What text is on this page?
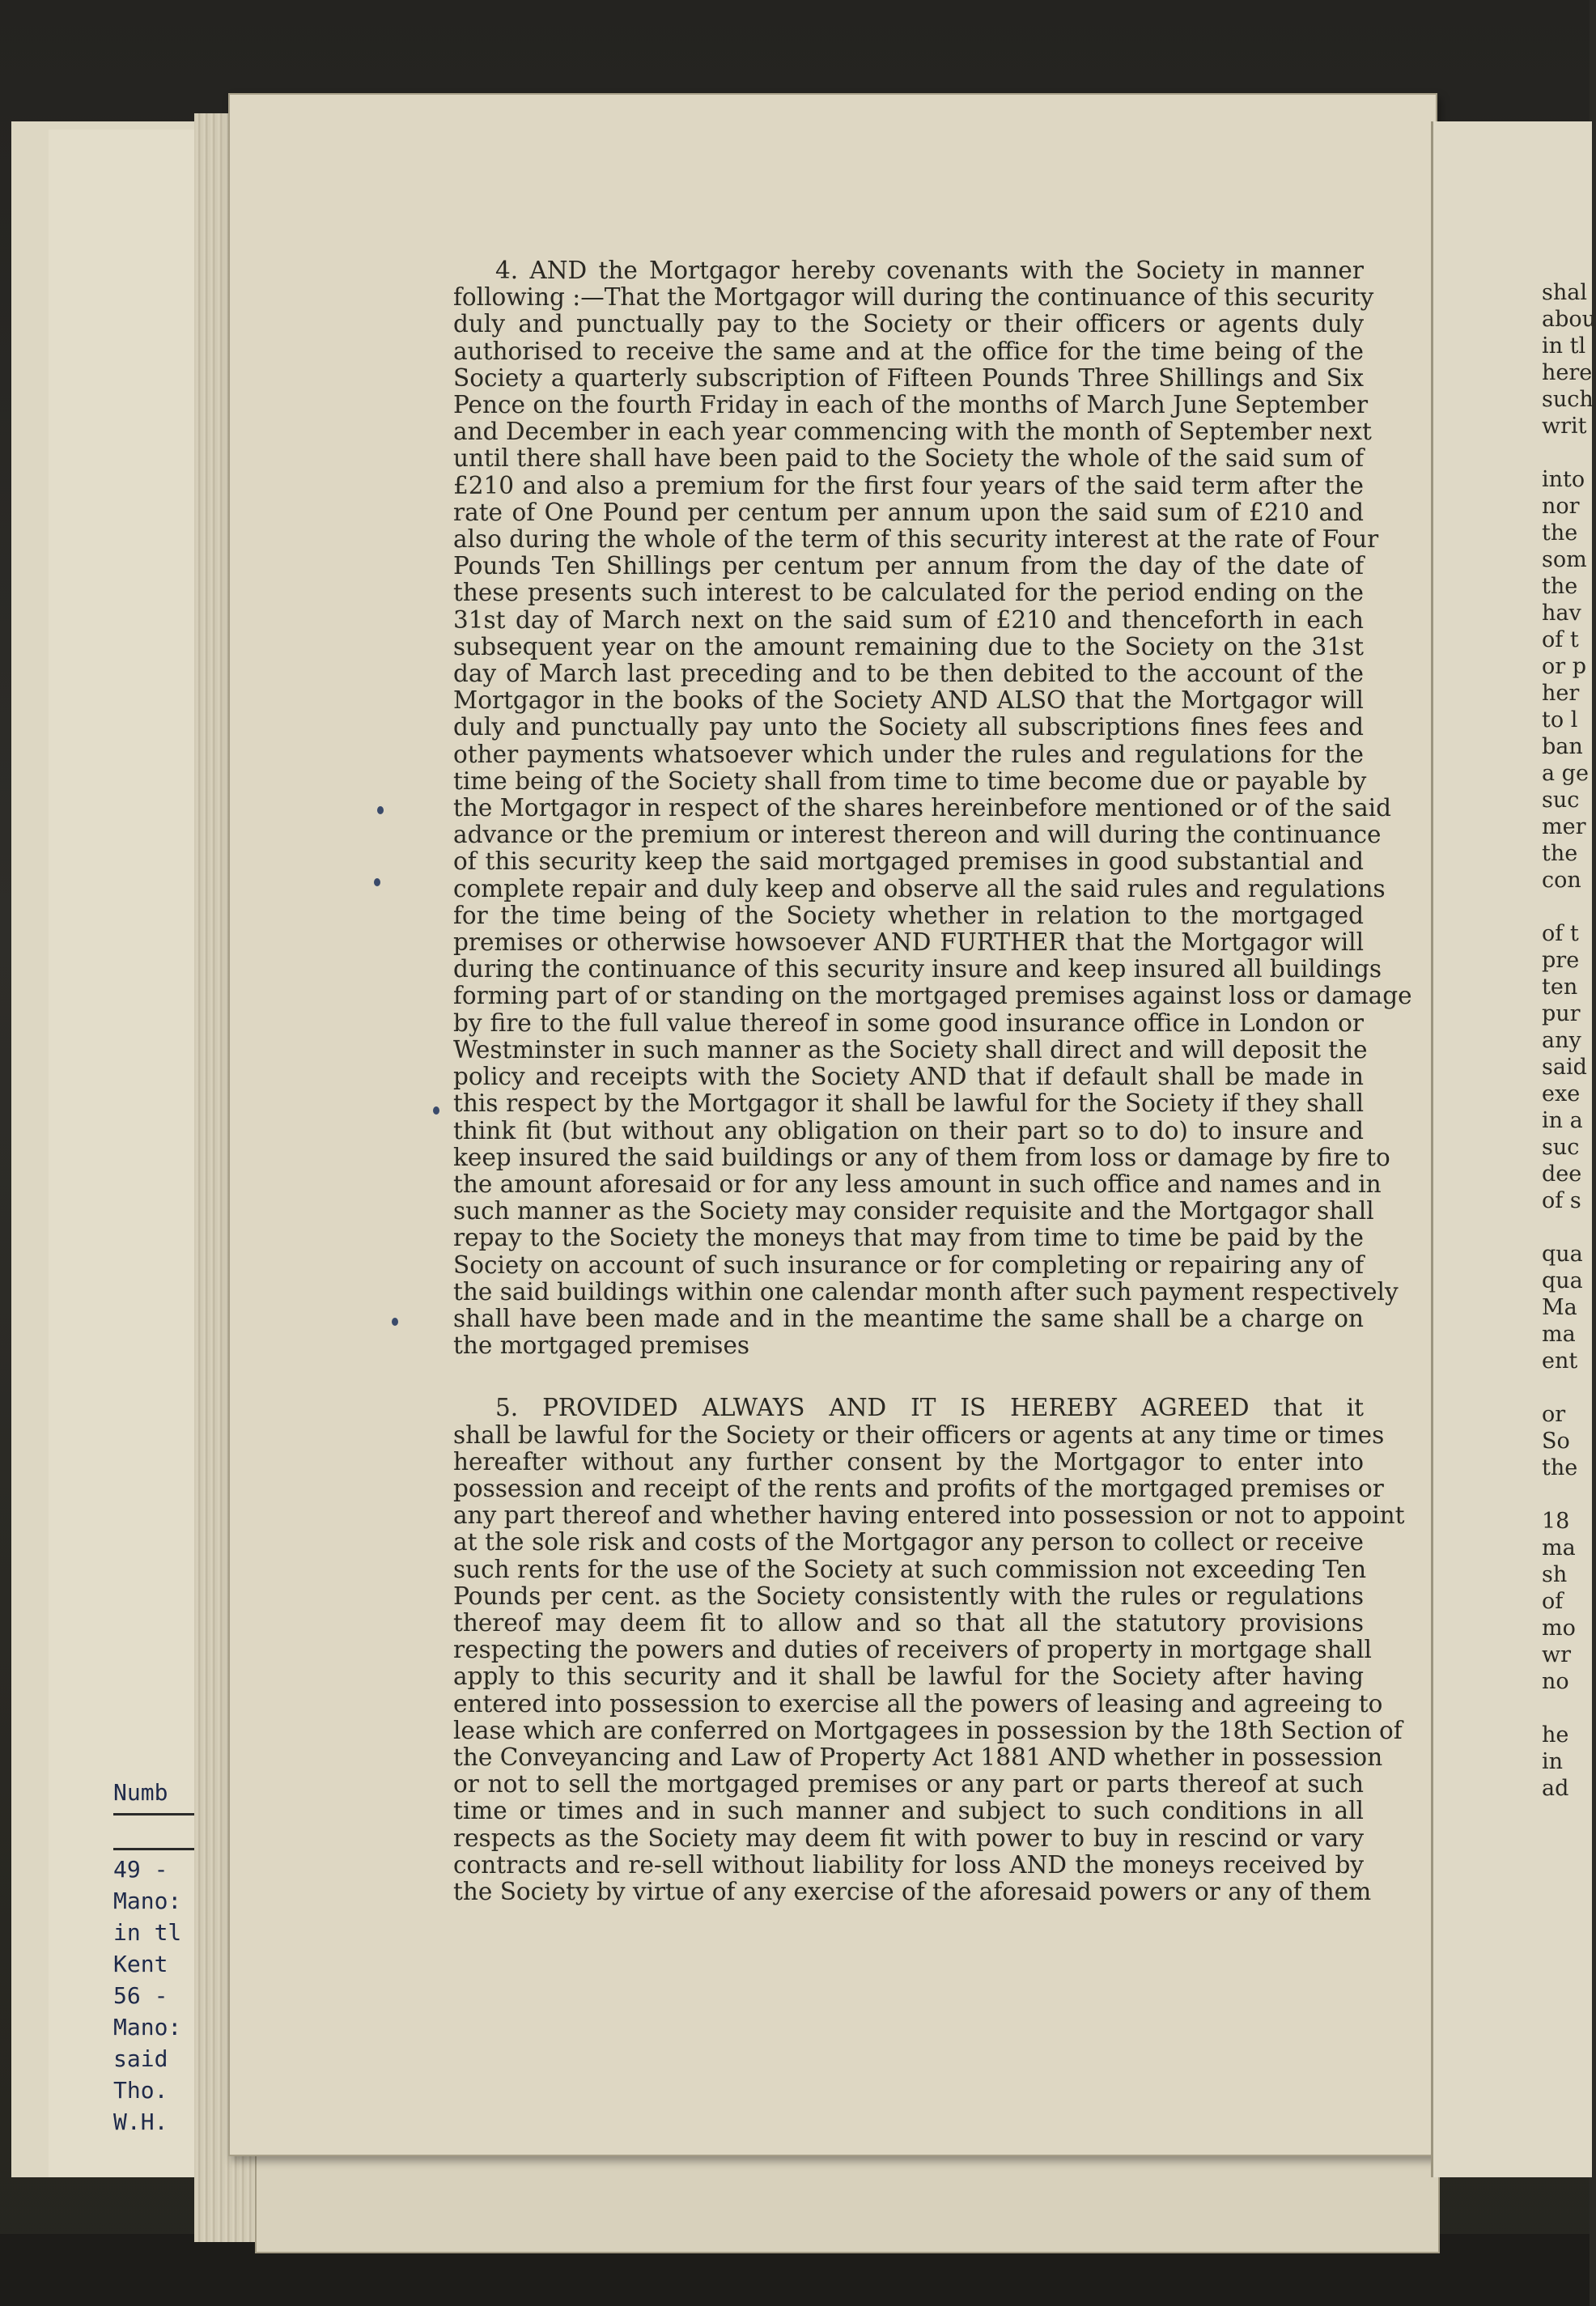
Numb
49 -
Mano:
in tl
Kent
56 -
Mano:
said
Tho.
W.H.
4. AND the Mortgagor hereby covenants with the Society in manner
following :—That the Mortgagor will during the continuance of this security
duly and punctually pay to the Society or their officers or agents duly
authorised to receive the same and at the office for the time being of the
Society a quarterly subscription of Fifteen Pounds Three Shillings and Six
Pence on the fourth Friday in each of the months of March June September
and December in each year commencing with the month of September next
until there shall have been paid to the Society the whole of the said sum of
£210 and also a premium for the first four years of the said term after the
rate of One Pound per centum per annum upon the said sum of £210 and
also during the whole of the term of this security interest at the rate of Four
Pounds Ten Shillings per centum per annum from the day of the date of
these presents such interest to be calculated for the period ending on the
31st day of March next on the said sum of £210 and thenceforth in each
subsequent year on the amount remaining due to the Society on the 31st
day of March last preceding and to be then debited to the account of the
Mortgagor in the books of the Society AND ALSO that the Mortgagor will
duly and punctually pay unto the Society all subscriptions fines fees and
other payments whatsoever which under the rules and regulations for the
time being of the Society shall from time to time become due or payable by
the Mortgagor in respect of the shares hereinbefore mentioned or of the said
advance or the premium or interest thereon and will during the continuance
of this security keep the said mortgaged premises in good substantial and
complete repair and duly keep and observe all the said rules and regulations
for the time being of the Society whether in relation to the mortgaged
premises or otherwise howsoever AND FURTHER that the Mortgagor will
during the continuance of this security insure and keep insured all buildings
forming part of or standing on the mortgaged premises against loss or damage
by fire to the full value thereof in some good insurance office in London or
Westminster in such manner as the Society shall direct and will deposit the
policy and receipts with the Society AND that if default shall be made in
this respect by the Mortgagor it shall be lawful for the Society if they shall
think fit (but without any obligation on their part so to do) to insure and
keep insured the said buildings or any of them from loss or damage by fire to
the amount aforesaid or for any less amount in such office and names and in
such manner as the Society may consider requisite and the Mortgagor shall
repay to the Society the moneys that may from time to time be paid by the
Society on account of such insurance or for completing or repairing any of
the said buildings within one calendar month after such payment respectively
shall have been made and in the meantime the same shall be a charge on
the mortgaged premises
5. PROVIDED ALWAYS AND IT IS HEREBY AGREED that it
shall be lawful for the Society or their officers or agents at any time or times
hereafter without any further consent by the Mortgagor to enter into
possession and receipt of the rents and profits of the mortgaged premises or
any part thereof and whether having entered into possession or not to appoint
at the sole risk and costs of the Mortgagor any person to collect or receive
such rents for the use of the Society at such commission not exceeding Ten
Pounds per cent. as the Society consistently with the rules or regulations
thereof may deem fit to allow and so that all the statutory provisions
respecting the powers and duties of receivers of property in mortgage shall
apply to this security and it shall be lawful for the Society after having
entered into possession to exercise all the powers of leasing and agreeing to
lease which are conferred on Mortgagees in possession by the 18th Section of
the Conveyancing and Law of Property Act 1881 AND whether in possession
or not to sell the mortgaged premises or any part or parts thereof at such
time or times and in such manner and subject to such conditions in all
respects as the Society may deem fit with power to buy in rescind or vary
contracts and re-sell without liability for loss AND the moneys received by
the Society by virtue of any exercise of the aforesaid powers or any of them
shal
abou
in tl
here
such
writ
into
nor
the
som
the
hav
of t
or p
her
to l
ban
a ge
suc
mer
the
con
of t
pre
ten
pur
any
said
exe
in a
suc
dee
of s
qua
qua
Ma
ma
ent
or
So
the
18
ma
sh
of
mo
wr
no
he
in
ad
